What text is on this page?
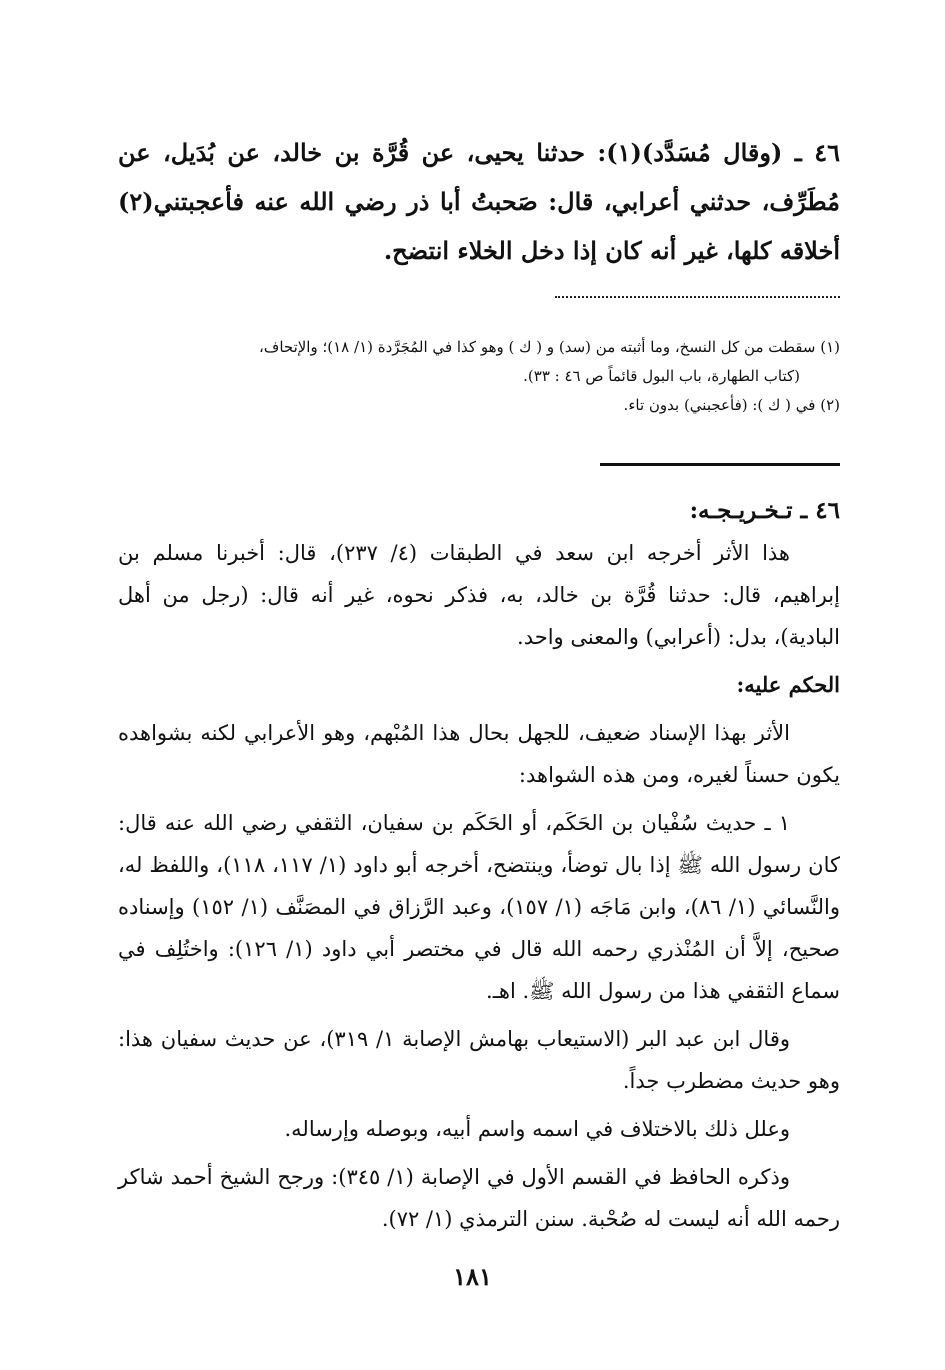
٤٦ ـ (وقال مُسَدَّد)(١): حدثنا يحيى، عن قُرَّة بن خالد، عن بُدَيل، عن مُطَرِّف، حدثني أعرابي، قال: صَحبتُ أبا ذر رضي الله عنه فأعجبتني(٢) أخلاقه كلها، غير أنه كان إذا دخل الخلاء انتضح.

(١) سقطت من كل النسخ، وما أثبته من (سد) و ( ك ) وهو كذا في المُجَرَّدة (١/ ١٨)؛ والإتحاف،

(كتاب الطهارة، باب البول قائماً ص ٤٦ : ٣٣).

(٢) في ( ك ): (فأعجبني) بدون تاء.

٤٦ ـ تـخـريـجـه:

هذا الأثر أخرجه ابن سعد في الطبقات (٤/ ٢٣٧)، قال: أخبرنا مسلم بن إبراهيم، قال: حدثنا قُرَّة بن خالد، به، فذكر نحوه، غير أنه قال: (رجل من أهل البادية)، بدل: (أعرابي) والمعنى واحد.

الحكم عليه:

الأثر بهذا الإسناد ضعيف، للجهل بحال هذا المُبْهم، وهو الأعرابي لكنه بشواهده يكون حسناً لغيره، ومن هذه الشواهد:

١ ـ حديث سُفْيان بن الحَكَم، أو الحَكَم بن سفيان، الثقفي رضي الله عنه قال: كان رسول الله ﷺ إذا بال توضأ، وينتضح، أخرجه أبو داود (١/ ١١٧، ١١٨)، واللفظ له، والنَّسائي (١/ ٨٦)، وابن مَاجَه (١/ ١٥٧)، وعبد الرَّزاق في المصَنَّف (١/ ١٥٢) وإسناده صحيح، إلاَّ أن المُنْذري رحمه الله قال في مختصر أبي داود (١/ ١٢٦): واختُلِف في سماع الثقفي هذا من رسول الله ﷺ. اهـ.

وقال ابن عبد البر (الاستيعاب بهامش الإصابة ١/ ٣١٩)، عن حديث سفيان هذا: وهو حديث مضطرب جداً.

وعلل ذلك بالاختلاف في اسمه واسم أبيه، وبوصله وإرساله.

وذكره الحافظ في القسم الأول في الإصابة (١/ ٣٤٥): ورجح الشيخ أحمد شاكر رحمه الله أنه ليست له صُحْبة. سنن الترمذي (١/ ٧٢).

١٨١
